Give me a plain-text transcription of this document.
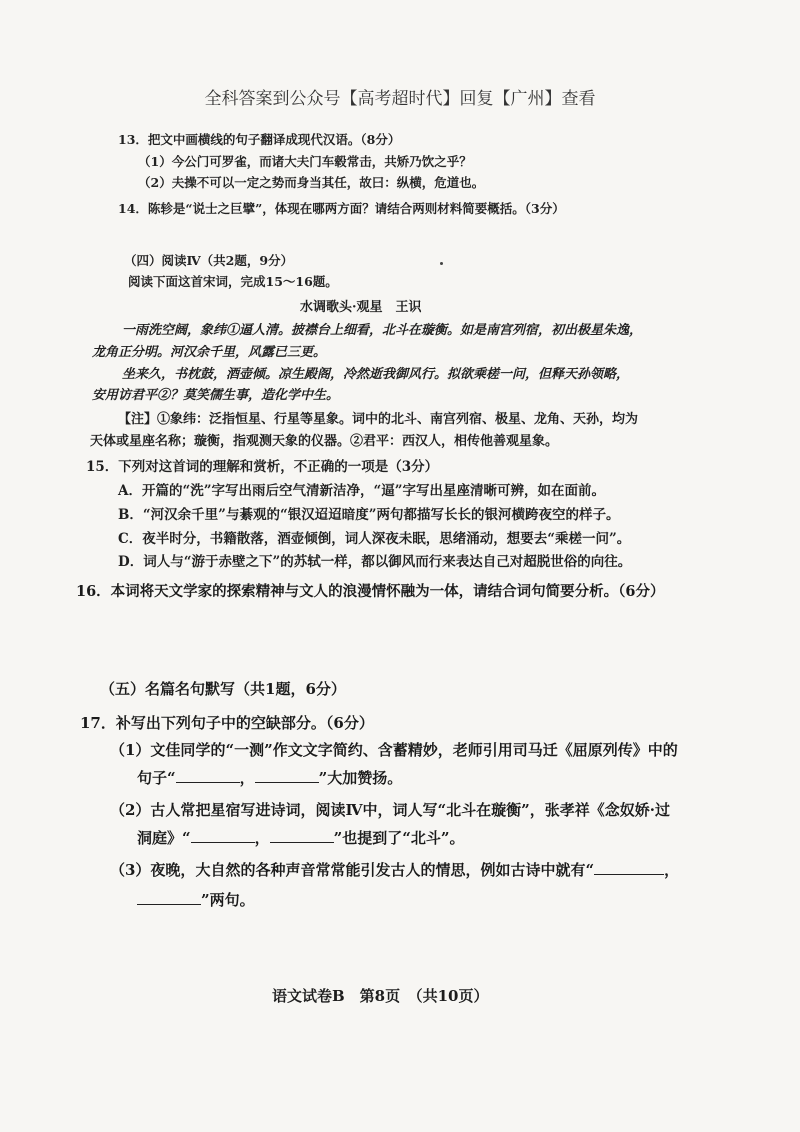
全科答案到公众号【高考超时代】回复【广州】查看
13．把文中画横线的句子翻译成现代汉语。（8分）
（1）今公门可罗雀，而诸大夫门车毂常击，共矫乃饮之乎？
（2）夫操不可以一定之势而身当其任，故曰：纵横，危道也。
14．陈轸是“说士之巨擘”，体现在哪两方面？请结合两则材料简要概括。（3分）
（四）阅读Ⅳ（共2题，9分）
阅读下面这首宋词，完成15～16题。
水调歌头·观星　王识
一雨洗空阔，象纬①逼人清。披襟台上细看，北斗在璇衡。如是南宫列宿，初出极星朱逸，
龙角正分明。河汉余千里，风露已三更。
坐来久，书枕鼓，酒壶倾。凉生殿阁，冷然逝我御风行。拟欲乘槎一问，但释天孙领略，
安用访君平②？莫笑儒生事，造化学中生。
【注】①象纬：泛指恒星、行星等星象。词中的北斗、南宫列宿、极星、龙角、天孙，均为
天体或星座名称；璇衡，指观测天象的仪器。②君平：西汉人，相传他善观星象。
15．下列对这首词的理解和赏析，不正确的一项是（3分）
A．开篇的“洗”字写出雨后空气清新洁净，“逼”字写出星座清晰可辨，如在面前。
B．“河汉余千里”与綦观的“银汉迢迢暗度”两句都描写长长的银河横跨夜空的样子。
C．夜半时分，书籍散落，酒壶倾倒，词人深夜未眠，思绪涌动，想要去“乘槎一问”。
D．词人与“游于赤壁之下”的苏轼一样，都以御风而行来表达自己对超脱世俗的向往。
16．本词将天文学家的探索精神与文人的浪漫情怀融为一体，请结合词句简要分析。（6分）
（五）名篇名句默写（共1题，6分）
17．补写出下列句子中的空缺部分。（6分）
（1）文佳同学的“一测”作文文字简约、含蓄精妙，老师引用司马迁《屈原列传》中的
句子“	，	”大加赞扬。
（2）古人常把星宿写进诗词，阅读Ⅳ中，词人写“北斗在璇衡”，张孝祥《念奴娇·过
洞庭》“	，	”也提到了“北斗”。
（3）夜晚，大自然的各种声音常常能引发古人的情思，例如古诗中就有“	，
”两句。
语文试卷B　第8页　（共10页）
